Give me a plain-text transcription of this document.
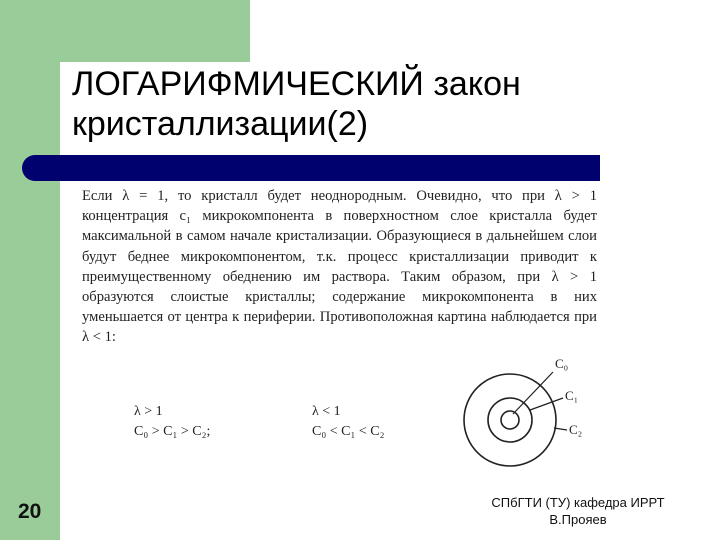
ЛОГАРИФМИЧЕСКИЙ закон
кристаллизации(2)

Если λ = 1, то кристалл будет неоднородным. Очевидно, что при λ > 1 концентрация c₁ микрокомпонента в поверхностном слое кристалла будет максимальной в самом начале кристализации. Образующиеся в дальнейшем слои будут беднее микрокомпонентом, т.к. процесс кристаллизации приводит к преимущественному обеднению им раствора. Таким образом, при λ > 1 образуются слоистые кристаллы; содержание микрокомпонента в них уменьшается от центра к периферии. Противоположная картина наблюдается при λ < 1:

λ > 1
C₀ > C₁ > C₂;
λ < 1
C₀ < C₁ < C₂
C₀
C₁
C₂
20	СПбГТИ (ТУ) кафедра ИРРТ
В.Прояев
